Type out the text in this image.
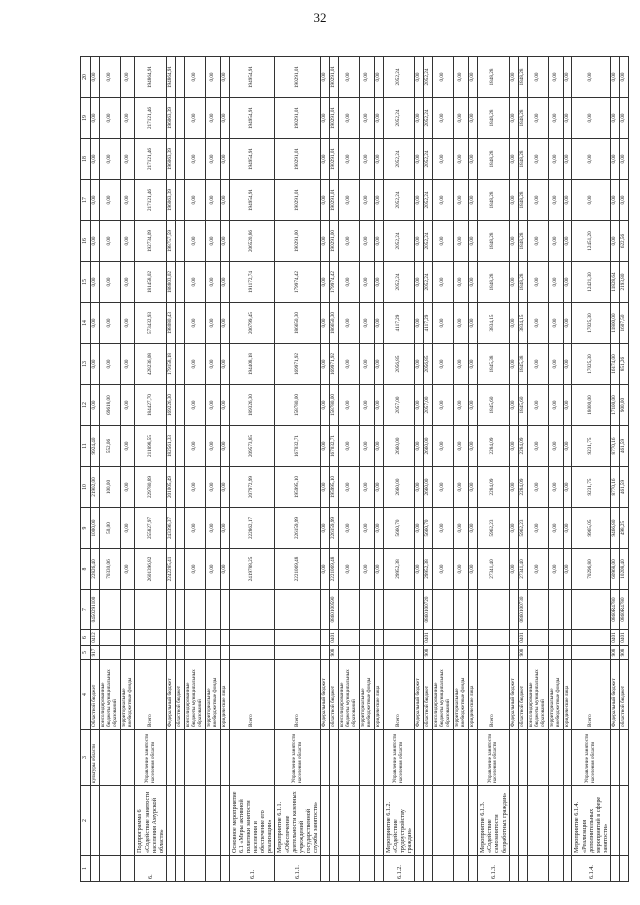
32
1	2	3	4	5	6	7	8	9	10	11	12	13	14	15	16	17	18	19	20
		культуры области	Областной бюджет	917	0412	0450291100	22826,40	1000,00	21902,00	9924,40	0,00	0,00	0,00	0,00	0,00	0,00	0,00	0,00	0,00
			консолидированные бюджеты муниципальных образований				70330,06	50,00	100,00	552,06	69618,00	0,00	0,00	0,00	0,00	0,00	0,00	0,00	0,00
			территориальные внебюджетные фонды				0,00	0,00	0,00	0,00	0,00	0,00	0,00	0,00	0,00	0,00	0,00	0,00	0,00
6.	Подпрограмма 6 «Содействие занятости населения Амурской области»	Управление занятости населения области	Всего				2601396,82	255827,97	229780,89	211898,55	184427,70	428236,08	573432,93	181458,02	192734,09	217121,46	217121,46	217121,46	194864,91
			Федеральный бюджет				2242285,41	243396,37	201005,49	182561,33	169226,30	179158,18	198080,43	188803,02	198757,59	196063,39	196063,39	196063,39	194864,91
			областной бюджет																
			консолидированные бюджеты муниципальных образований				0,00	0,00	0,00	0,00	0,00	0,00	0,00	0,00	0,00	0,00	0,00	0,00	0,00
			территориальные внебюджетные фонды				0,00	0,00	0,00	0,00	0,00	0,00	0,00	0,00	0,00	0,00	0,00	0,00	0,00
			юридические лица				0,00	0,00	0,00	0,00	0,00	0,00	0,00	0,00	0,00	0,00	0,00	0,00	0,00
6.1.	Основное мероприятие 6.1 «Меры активной политики занятости населения и обеспечение его реализации»		Всего				2419788,25	222862,17	207972,99	209573,85	189326,30	194408,18	206799,45	191172,74	206520,86	194954,91	194954,91	194954,91	194954,91
6.1.1.	Мероприятие 6.1.1. «Обеспечение деятельности казенных учреждений государственной службы занятости»	Управление занятости населения области	Всего				2221069,48	226159,99	195995,10	167032,71	158780,00	169971,92	186650,30	179974,42	190291,00	190291,01	190291,01	190291,01	190291,01
			Федеральный бюджет				0,00	0,00	0,00	0,00	0,00	0,00	0,00	0,00	0,00	0,00	0,00	0,00	0,00
			областной бюджет	908	0401	0860100590	2221069,48	226159,99	195995,10	167032,71	158780,00	169971,92	186650,30	179974,42	190291,00	190291,01	190291,01	190291,01	190291,01
			консолидированные бюджеты муниципальных образований				0,00	0,00	0,00	0,00	0,00	0,00	0,00	0,00	0,00	0,00	0,00	0,00	0,00
			территориальные внебюджетные фонды				0,00	0,00	0,00	0,00	0,00	0,00	0,00	0,00	0,00	0,00	0,00	0,00	0,00
			юридические лица				0,00	0,00	0,00	0,00	0,00	0,00	0,00	0,00	0,00	0,00	0,00	0,00	0,00
6.1.2.	Мероприятие 6.1.2. «Содействие трудоустройству граждан»	Управление занятости населения области	Всего				29952,38	5660,70	2660,00	2660,00	2057,00	2056,85	4117,29	2052,24	2052,24	2052,24	2052,24	2052,24	2052,24
			Федеральный бюджет				0,00	0,00	0,00	0,00	0,00	0,00	0,00	0,00	0,00	0,00	0,00	0,00	0,00
			областной бюджет	908	0401	0860100720	29952,38	5660,70	2660,00	2660,00	2057,00	2056,85	4117,29	2052,24	2052,24	2052,24	2052,24	2052,24	2052,24
			консолидированные бюджеты муниципальных образований				0,00	0,00	0,00	0,00	0,00	0,00	0,00	0,00	0,00	0,00	0,00	0,00	0,00
			территориальные внебюджетные фонды				0,00	0,00	0,00	0,00	0,00	0,00	0,00	0,00	0,00	0,00	0,00	0,00	0,00
			юридические лица				0,00	0,00	0,00	0,00	0,00	0,00	0,00	0,00	0,00	0,00	0,00	0,00	0,00
6.1.3.	Мероприятие 6.1.3. «Содействие самозанятости безработных граждан»	Управление занятости населения области	Всего				27341,40	5962,23	2284,09	2284,09	1845,60	1845,38	3834,15	1848,28	1848,28	1848,28	1848,28	1848,28	1848,28
			Федеральный бюджет				0,00	0,00	0,00	0,00	0,00	0,00	0,00	0,00	0,00	0,00	0,00	0,00	0,00
			областной бюджет	908	0401	0860100730	27341,40	5962,23	2284,09	2284,09	1845,60	1845,38	3834,15	1848,28	1848,28	1848,28	1848,28	1848,28	1848,28
			консолидированные бюджеты муниципальных образований				0,00	0,00	0,00	0,00	0,00	0,00	0,00	0,00	0,00	0,00	0,00	0,00	0,00
			территориальные внебюджетные фонды				0,00	0,00	0,00	0,00	0,00	0,00	0,00	0,00	0,00	0,00	0,00	0,00	0,00
			юридические лица				0,00	0,00	0,00	0,00	0,00	0,00	0,00	0,00	0,00	0,00	0,00	0,00	0,00
6.1.4.	Мероприятие 6.1.4. «Реализация дополнительных мероприятий в сфере занятости»	Управление занятости населения области	Всего				70296,80	9965,05	9231,75	9231,75	18000,00	17025,30	17025,30	12421,30	12451,20	0,00	0,00	0,00	0,00
			Федеральный бюджет	908	0401	0860R4780	60968,00	9466,80	8770,16	8770,16	17100,00	16174,00	11800,00	11828,64	0,00	0,00	0,00	0,00	0,00
			областной бюджет	908	0401	0860R4780	10208,40	498,25	461,59	461,59	900,00	851,26	1607,50	2193,80	622,56	0,00	0,00	0,00	0,00
